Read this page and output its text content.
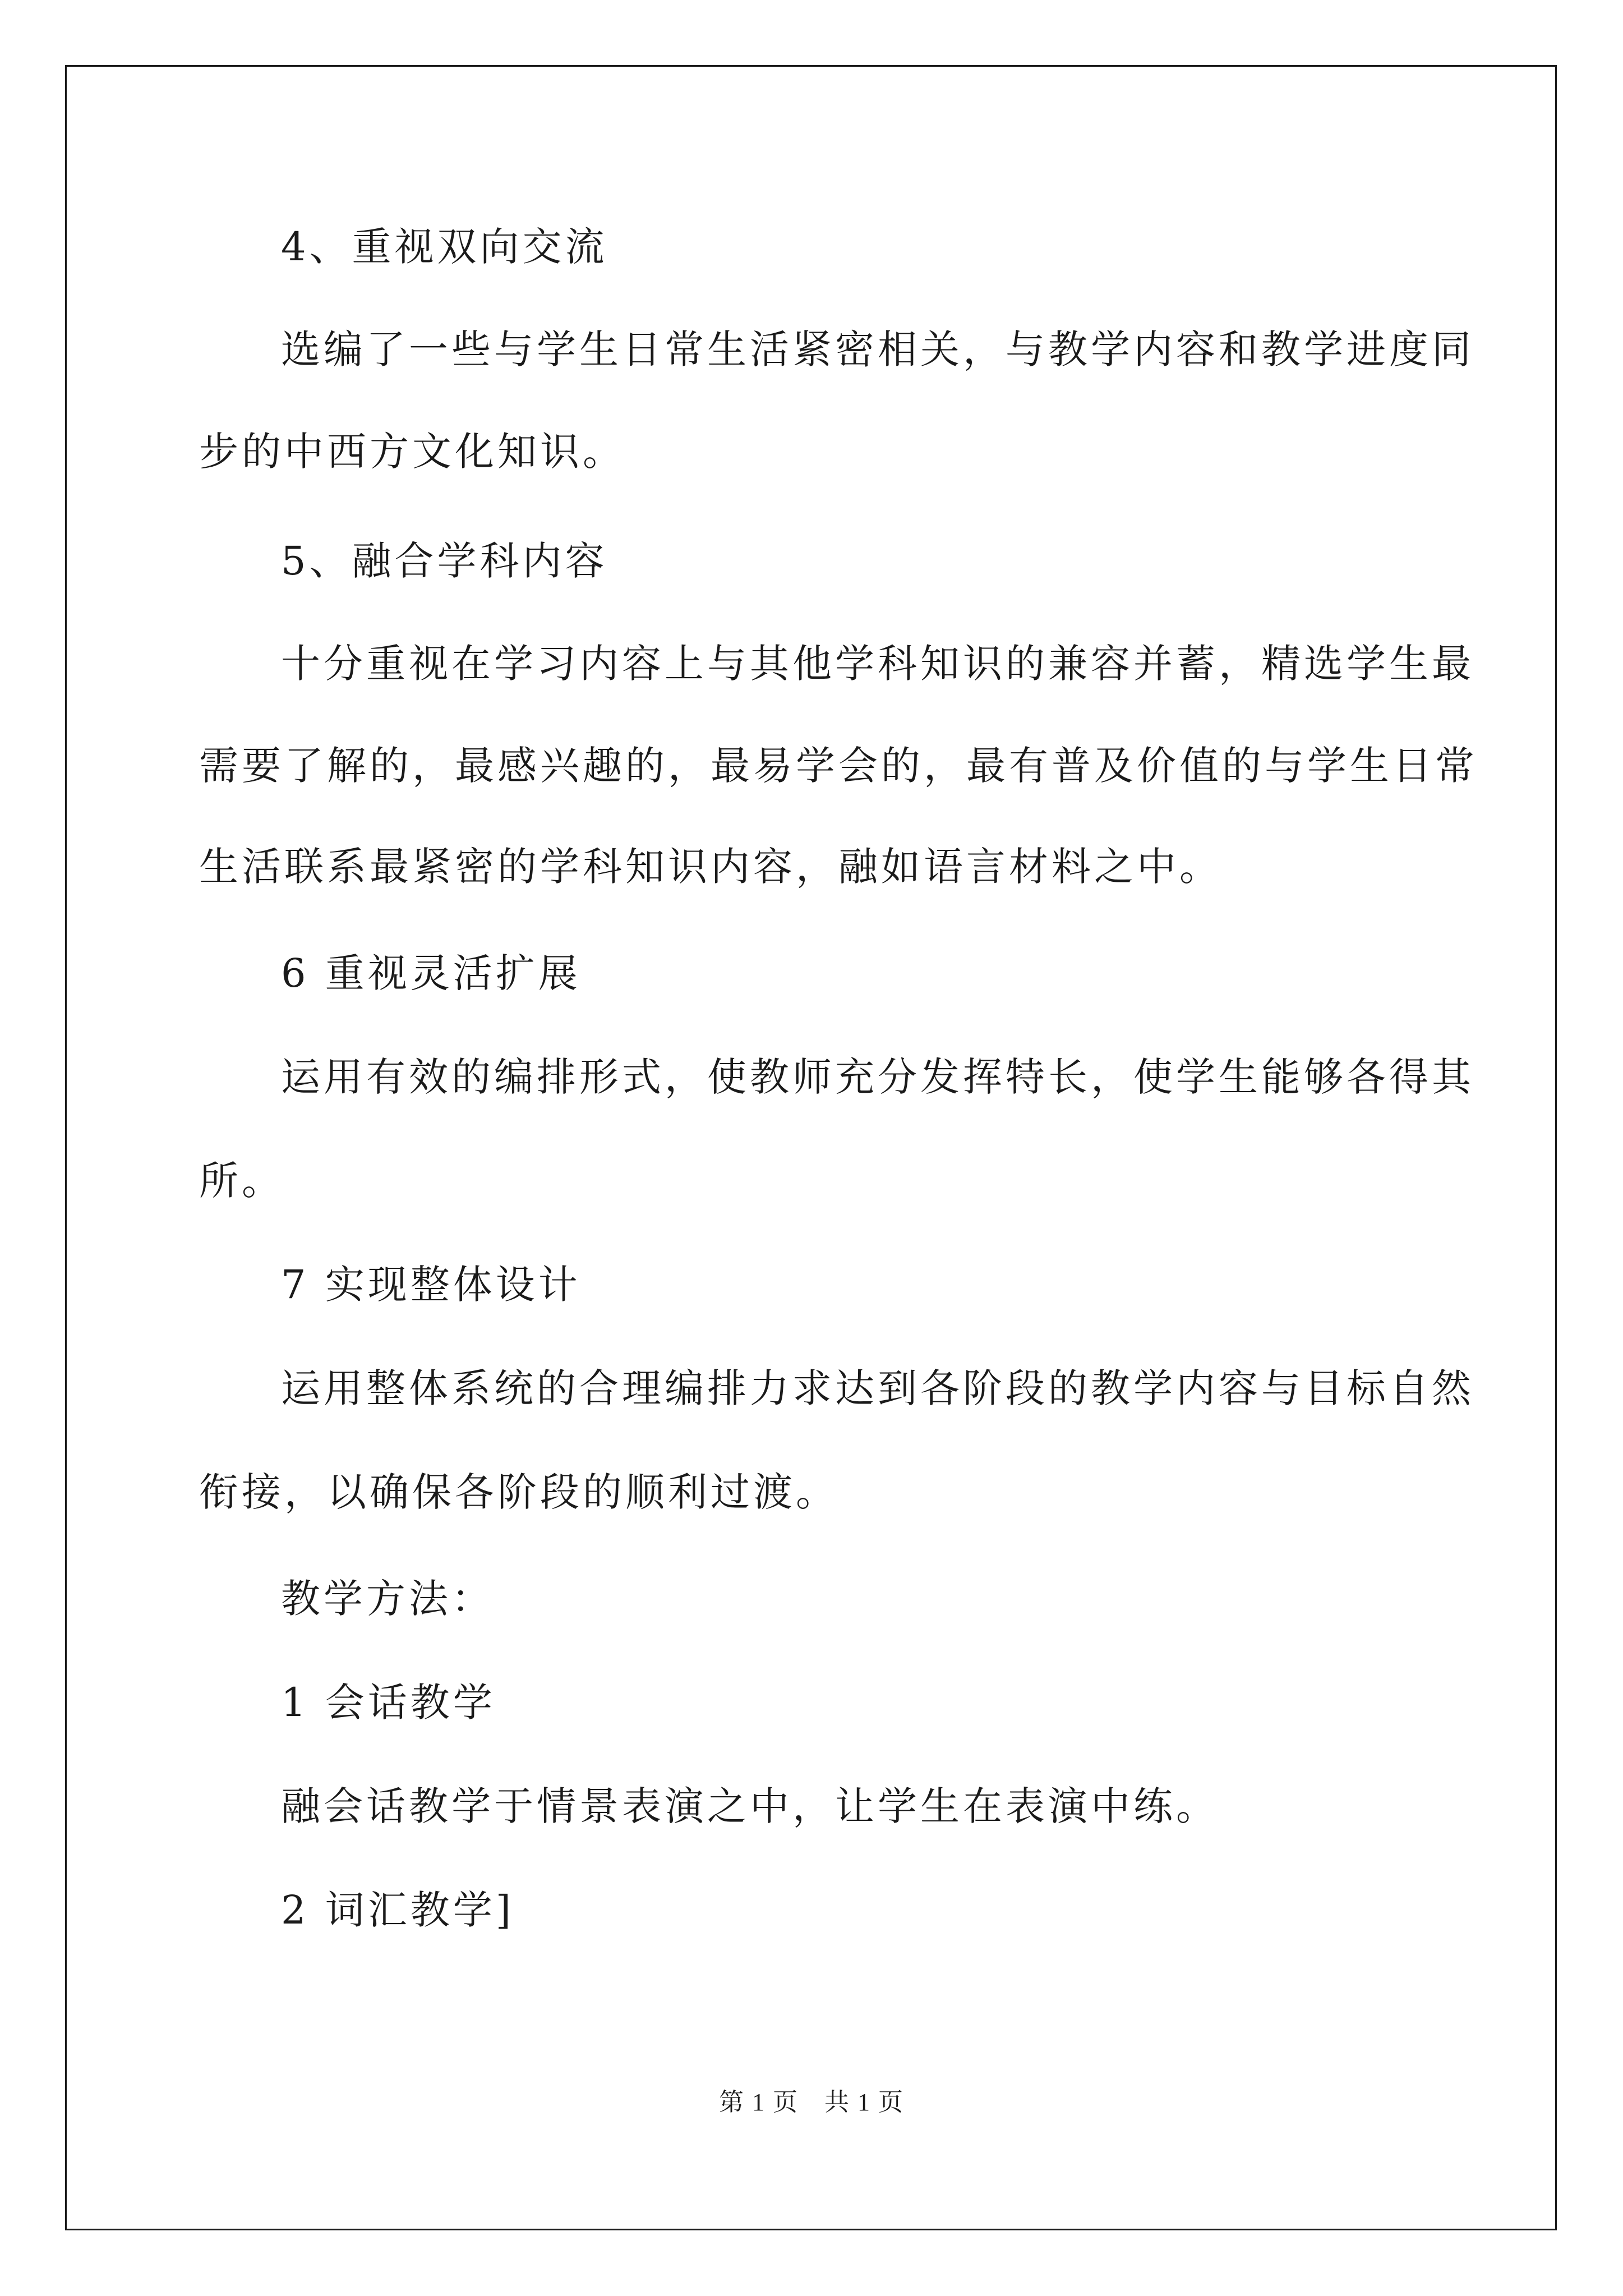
4、重视双向交流
选编了一些与学生日常生活紧密相关，与教学内容和教学进度同
步的中西方文化知识。
5、融合学科内容
十分重视在学习内容上与其他学科知识的兼容并蓄，精选学生最
需要了解的，最感兴趣的，最易学会的，最有普及价值的与学生日常
生活联系最紧密的学科知识内容，融如语言材料之中。
6 重视灵活扩展
运用有效的编排形式，使教师充分发挥特长，使学生能够各得其
所。
7 实现整体设计
运用整体系统的合理编排力求达到各阶段的教学内容与目标自然
衔接，以确保各阶段的顺利过渡。
教学方法：
1 会话教学
融会话教学于情景表演之中，让学生在表演中练。
2 词汇教学]
第 1 页　共 1 页
